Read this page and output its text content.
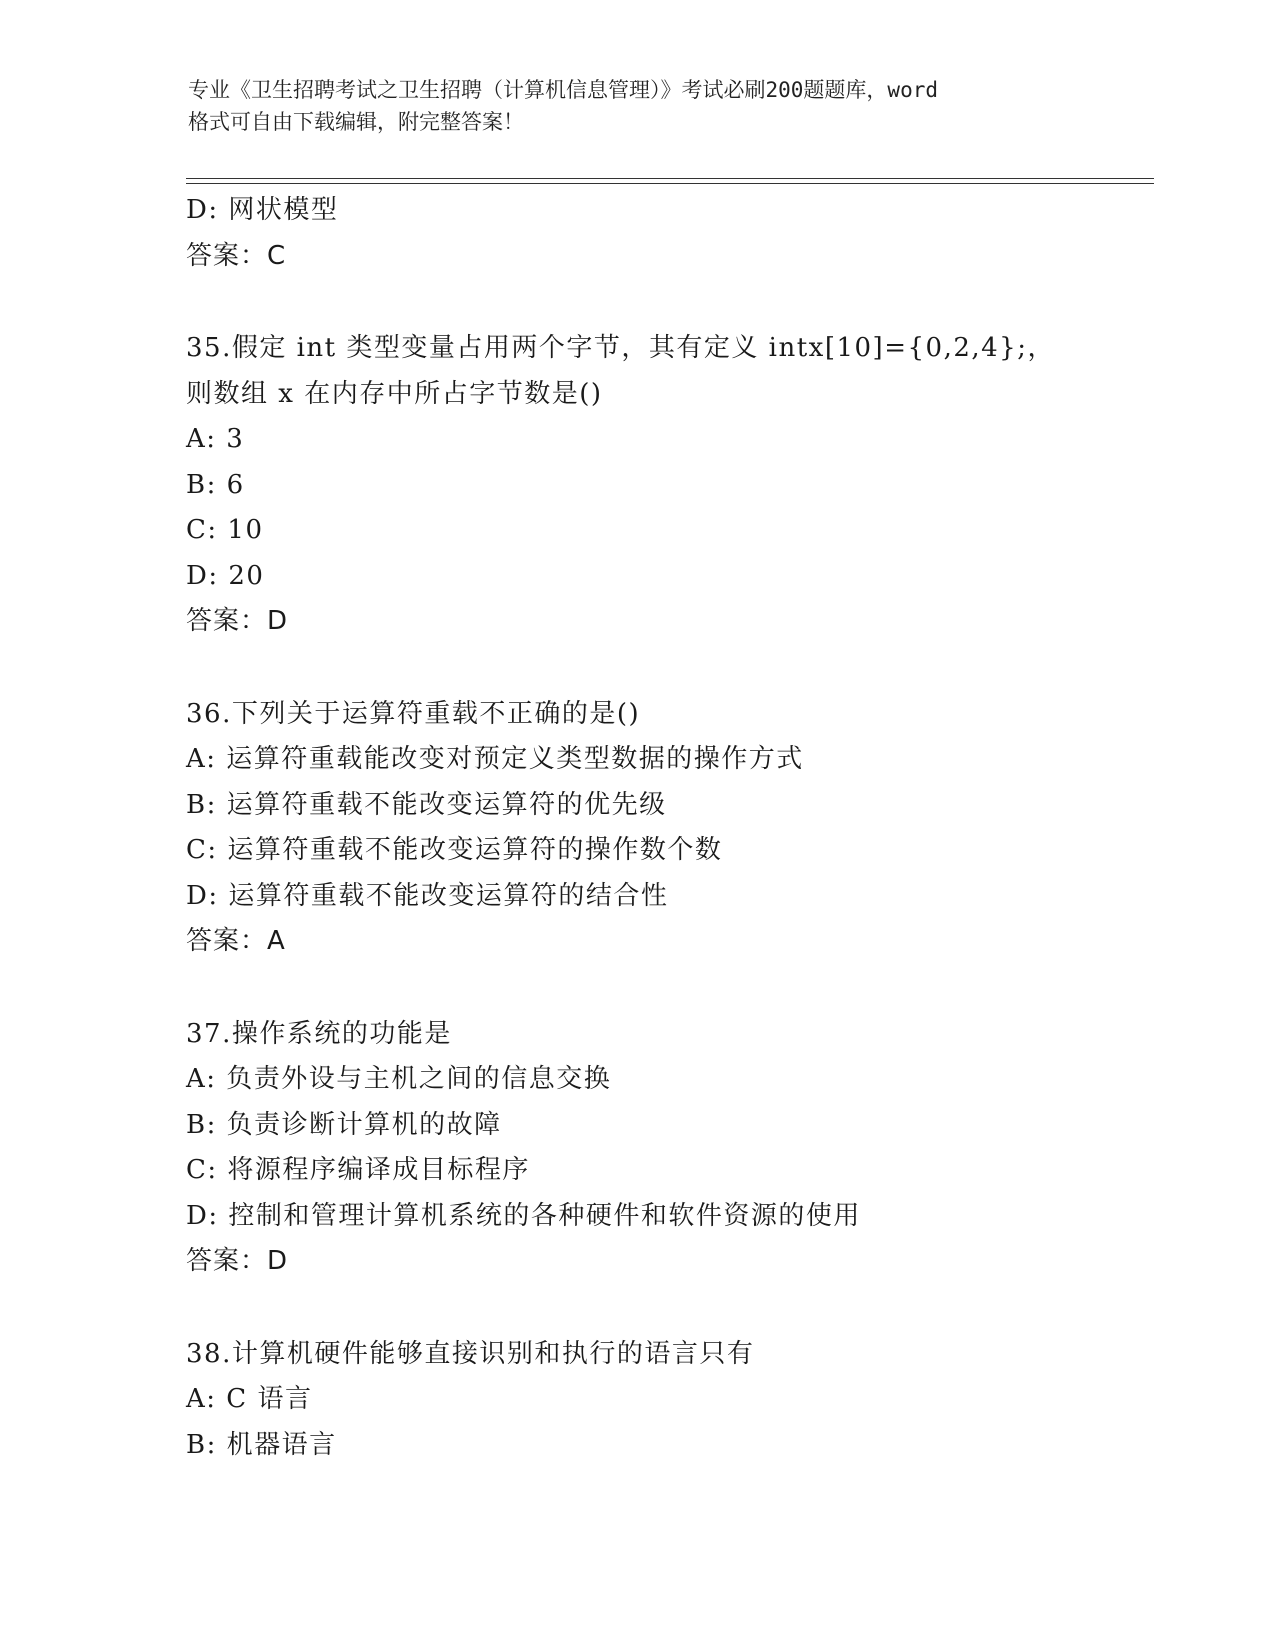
专业《卫生招聘考试之卫生招聘（计算机信息管理）》考试必刷200题题库，word
格式可自由下载编辑，附完整答案！
D: 网状模型
答案：C
35.假定 int 类型变量占用两个字节，其有定义 intx[10]={0,2,4};，
则数组 x 在内存中所占字节数是()
A: 3
B: 6
C: 10
D: 20
答案：D
36.下列关于运算符重载不正确的是()
A: 运算符重载能改变对预定义类型数据的操作方式
B: 运算符重载不能改变运算符的优先级
C: 运算符重载不能改变运算符的操作数个数
D: 运算符重载不能改变运算符的结合性
答案：A
37.操作系统的功能是
A: 负责外设与主机之间的信息交换
B: 负责诊断计算机的故障
C: 将源程序编译成目标程序
D: 控制和管理计算机系统的各种硬件和软件资源的使用
答案：D
38.计算机硬件能够直接识别和执行的语言只有
A: C 语言
B: 机器语言
